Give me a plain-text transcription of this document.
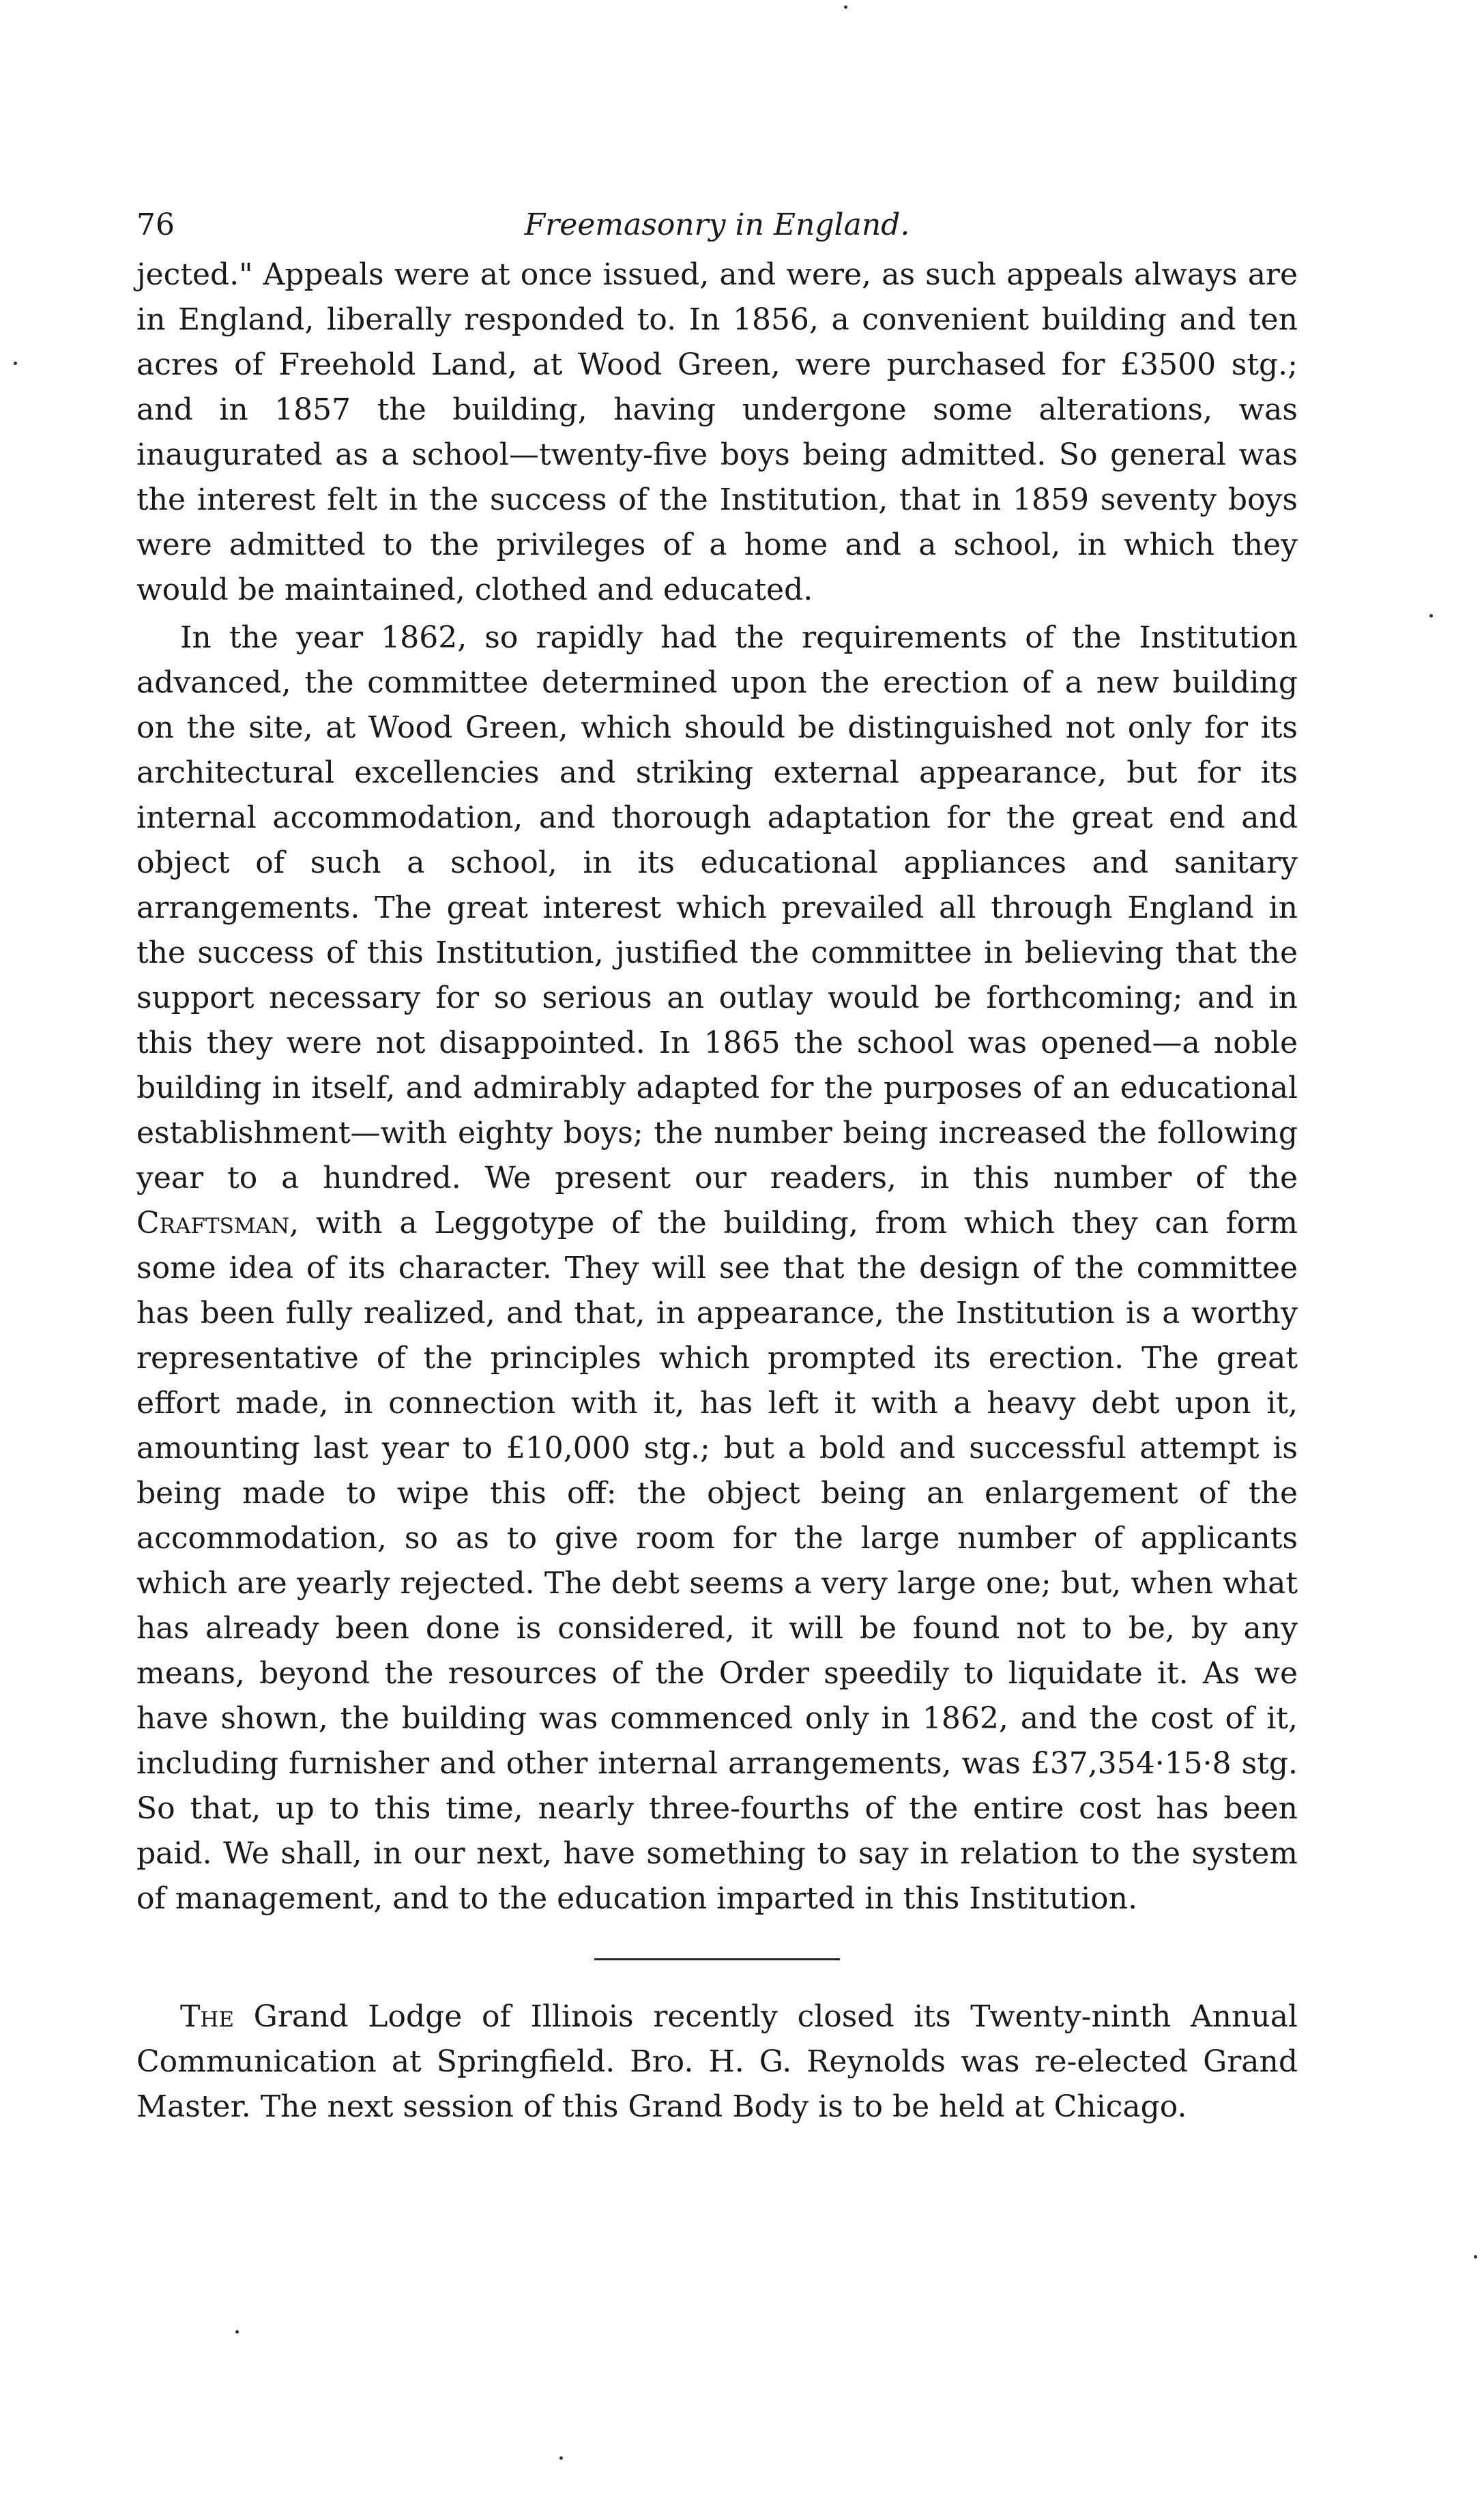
76	Freemasonry in England.

jected." Appeals were at once issued, and were, as such appeals always are in England, liberally responded to. In 1856, a convenient building and ten acres of Freehold Land, at Wood Green, were purchased for £3500 stg.; and in 1857 the building, having undergone some alterations, was inaugurated as a school—twenty-five boys being admitted. So general was the interest felt in the success of the Institution, that in 1859 seventy boys were admitted to the privileges of a home and a school, in which they would be maintained, clothed and educated.

In the year 1862, so rapidly had the requirements of the Institution advanced, the committee determined upon the erection of a new building on the site, at Wood Green, which should be distinguished not only for its architectural excellencies and striking external appearance, but for its internal accommodation, and thorough adaptation for the great end and object of such a school, in its educational appliances and sanitary arrangements. The great interest which prevailed all through England in the success of this Institution, justified the committee in believing that the support necessary for so serious an outlay would be forthcoming; and in this they were not disappointed. In 1865 the school was opened—a noble building in itself, and admirably adapted for the purposes of an educational establishment—with eighty boys; the number being increased the following year to a hundred. We present our readers, in this number of the Craftsman, with a Leggotype of the building, from which they can form some idea of its character. They will see that the design of the committee has been fully realized, and that, in appearance, the Institution is a worthy representative of the principles which prompted its erection. The great effort made, in connection with it, has left it with a heavy debt upon it, amounting last year to £10,000 stg.; but a bold and successful attempt is being made to wipe this off: the object being an enlargement of the accommodation, so as to give room for the large number of applicants which are yearly rejected. The debt seems a very large one; but, when what has already been done is considered, it will be found not to be, by any means, beyond the resources of the Order speedily to liquidate it. As we have shown, the building was commenced only in 1862, and the cost of it, including furnisher and other internal arrangements, was £37,354·15·8 stg. So that, up to this time, nearly three-fourths of the entire cost has been paid. We shall, in our next, have something to say in relation to the system of management, and to the education imparted in this Institution.

The Grand Lodge of Illinois recently closed its Twenty-ninth Annual Communication at Springfield. Bro. H. G. Reynolds was re-elected Grand Master. The next session of this Grand Body is to be held at Chicago.
